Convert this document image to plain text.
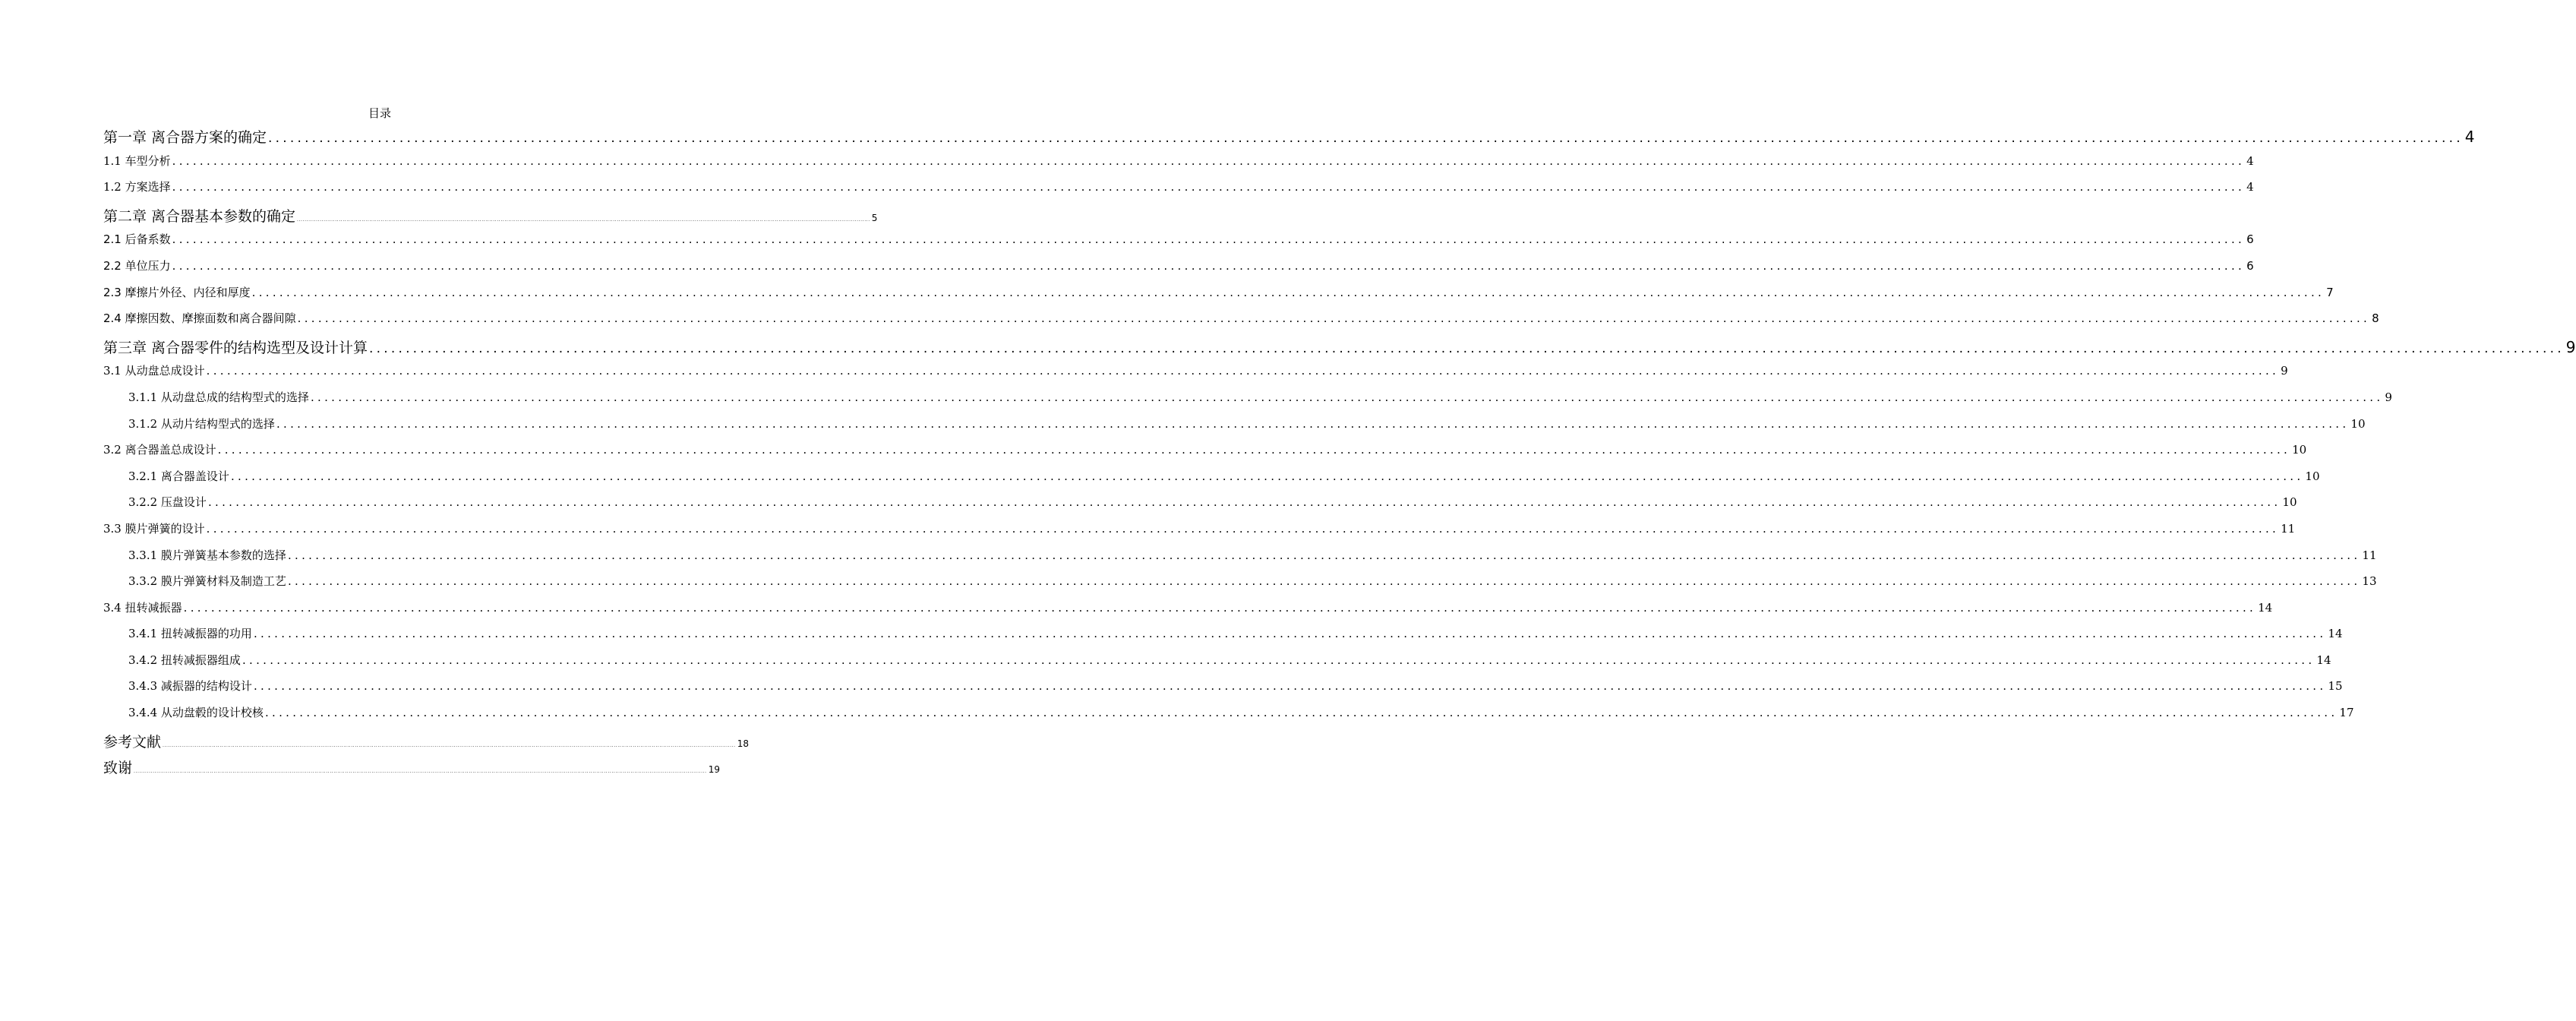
目录
第一章 离合器方案的确定 ............................................................................................................................................................................................................................................................................................................. 4
1.1 车型分析 ............................................................................................................................................................................................................................................................................................................. 4
1.2 方案选择 ............................................................................................................................................................................................................................................................................................................. 4
第二章 离合器基本参数的确定 ............................................................................................................................................................................................................................................................................................................. 5
2.1 后备系数 ............................................................................................................................................................................................................................................................................................................. 6
2.2 单位压力 ............................................................................................................................................................................................................................................................................................................. 6
2.3 摩擦片外径、内径和厚度 ............................................................................................................................................................................................................................................................................................................. 7
2.4 摩擦因数、摩擦面数和离合器间隙 ............................................................................................................................................................................................................................................................................................................. 8
第三章 离合器零件的结构选型及设计计算 ............................................................................................................................................................................................................................................................................................................. 9
3.1 从动盘总成设计 ............................................................................................................................................................................................................................................................................................................. 9
3.1.1 从动盘总成的结构型式的选择 ............................................................................................................................................................................................................................................................................................................. 9
3.1.2 从动片结构型式的选择 ............................................................................................................................................................................................................................................................................................................. 10
3.2 离合器盖总成设计 ............................................................................................................................................................................................................................................................................................................. 10
3.2.1 离合器盖设计 ............................................................................................................................................................................................................................................................................................................. 10
3.2.2 压盘设计 ............................................................................................................................................................................................................................................................................................................. 10
3.3 膜片弹簧的设计 ............................................................................................................................................................................................................................................................................................................. 11
3.3.1 膜片弹簧基本参数的选择 ............................................................................................................................................................................................................................................................................................................. 11
3.3.2 膜片弹簧材料及制造工艺 ............................................................................................................................................................................................................................................................................................................. 13
3.4 扭转减振器 ............................................................................................................................................................................................................................................................................................................. 14
3.4.1 扭转减振器的功用 ............................................................................................................................................................................................................................................................................................................. 14
3.4.2 扭转减振器组成 ............................................................................................................................................................................................................................................................................................................. 14
3.4.3 减振器的结构设计 ............................................................................................................................................................................................................................................................................................................. 15
3.4.4 从动盘毂的设计校核 ............................................................................................................................................................................................................................................................................................................. 17
参考文献 ............................................................................................................................................................................................................................................................................................................. 18
致谢 ............................................................................................................................................................................................................................................................................................................. 19
